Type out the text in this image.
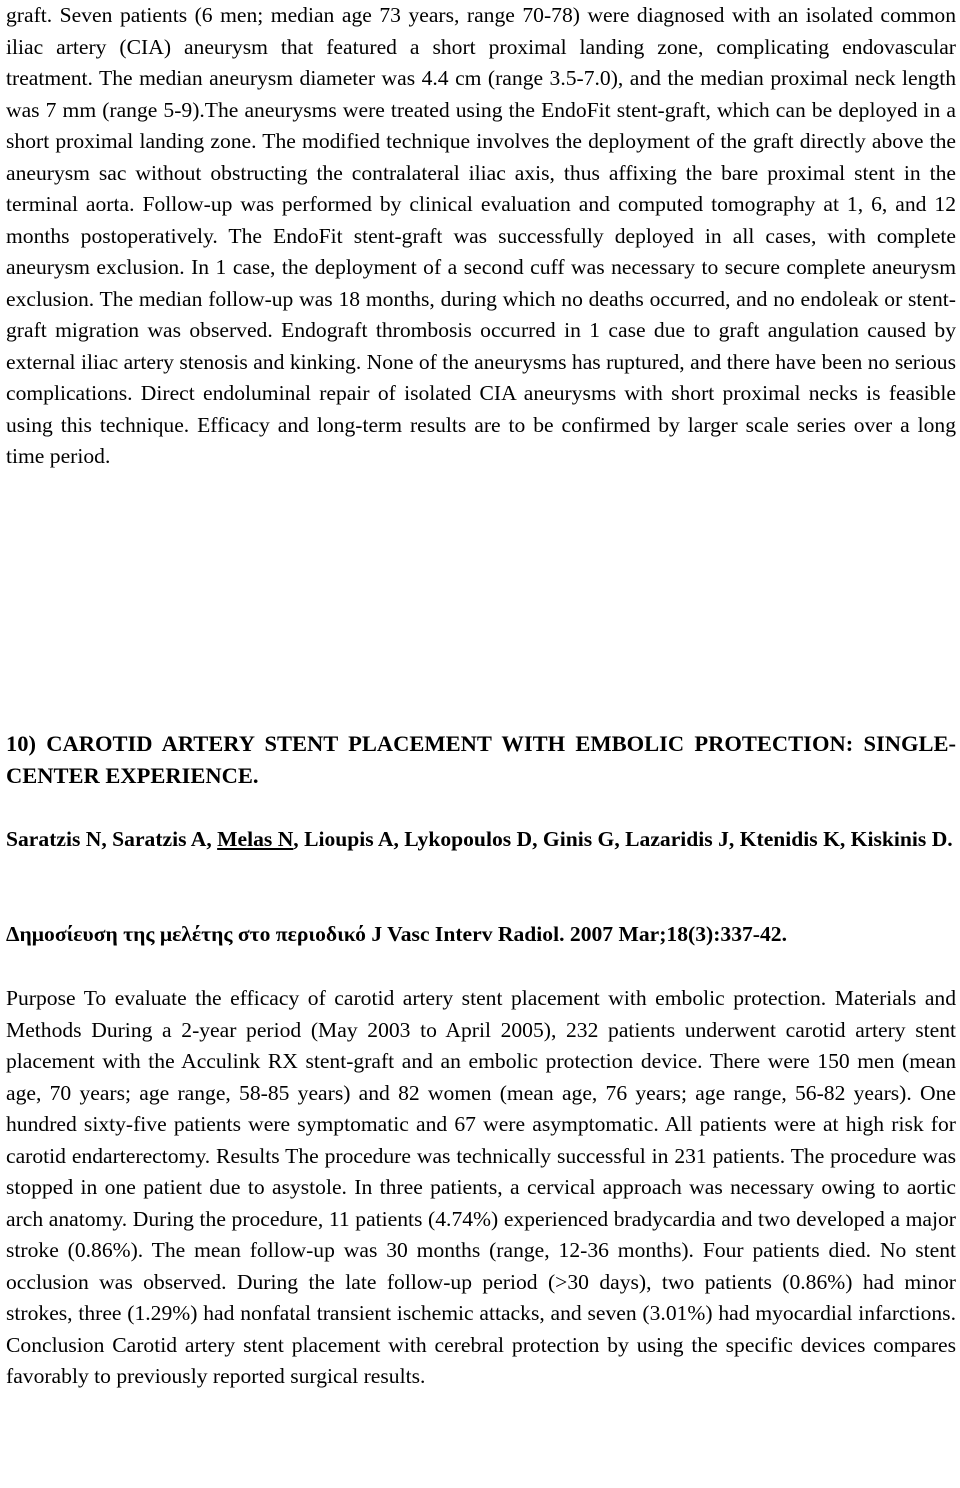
graft. Seven patients (6 men; median age 73 years, range 70-78) were diagnosed with an isolated common iliac artery (CIA) aneurysm that featured a short proximal landing zone, complicating endovascular treatment. The median aneurysm diameter was 4.4 cm (range 3.5-7.0), and the median proximal neck length was 7 mm (range 5-9).The aneurysms were treated using the EndoFit stent-graft, which can be deployed in a short proximal landing zone. The modified technique involves the deployment of the graft directly above the aneurysm sac without obstructing the contralateral iliac axis, thus affixing the bare proximal stent in the terminal aorta. Follow-up was performed by clinical evaluation and computed tomography at 1, 6, and 12 months postoperatively. The EndoFit stent-graft was successfully deployed in all cases, with complete aneurysm exclusion. In 1 case, the deployment of a second cuff was necessary to secure complete aneurysm exclusion. The median follow-up was 18 months, during which no deaths occurred, and no endoleak or stent-graft migration was observed. Endograft thrombosis occurred in 1 case due to graft angulation caused by external iliac artery stenosis and kinking. None of the aneurysms has ruptured, and there have been no serious complications. Direct endoluminal repair of isolated CIA aneurysms with short proximal necks is feasible using this technique. Efficacy and long-term results are to be confirmed by larger scale series over a long time period.

10) CAROTID ARTERY STENT PLACEMENT WITH EMBOLIC PROTECTION: SINGLE-CENTER EXPERIENCE.
Saratzis N, Saratzis A, Melas N, Lioupis A, Lykopoulos D, Ginis G, Lazaridis J, Ktenidis K, Kiskinis D.
Δημοσίευση της μελέτης στο περιοδικό J Vasc Interv Radiol. 2007 Mar;18(3):337-42.

Purpose To evaluate the efficacy of carotid artery stent placement with embolic protection. Materials and Methods During a 2-year period (May 2003 to April 2005), 232 patients underwent carotid artery stent placement with the Acculink RX stent-graft and an embolic protection device. There were 150 men (mean age, 70 years; age range, 58-85 years) and 82 women (mean age, 76 years; age range, 56-82 years). One hundred sixty-five patients were symptomatic and 67 were asymptomatic. All patients were at high risk for carotid endarterectomy. Results The procedure was technically successful in 231 patients. The procedure was stopped in one patient due to asystole. In three patients, a cervical approach was necessary owing to aortic arch anatomy. During the procedure, 11 patients (4.74%) experienced bradycardia and two developed a major stroke (0.86%). The mean follow-up was 30 months (range, 12-36 months). Four patients died. No stent occlusion was observed. During the late follow-up period (>30 days), two patients (0.86%) had minor strokes, three (1.29%) had nonfatal transient ischemic attacks, and seven (3.01%) had myocardial infarctions. Conclusion Carotid artery stent placement with cerebral protection by using the specific devices compares favorably to previously reported surgical results.
